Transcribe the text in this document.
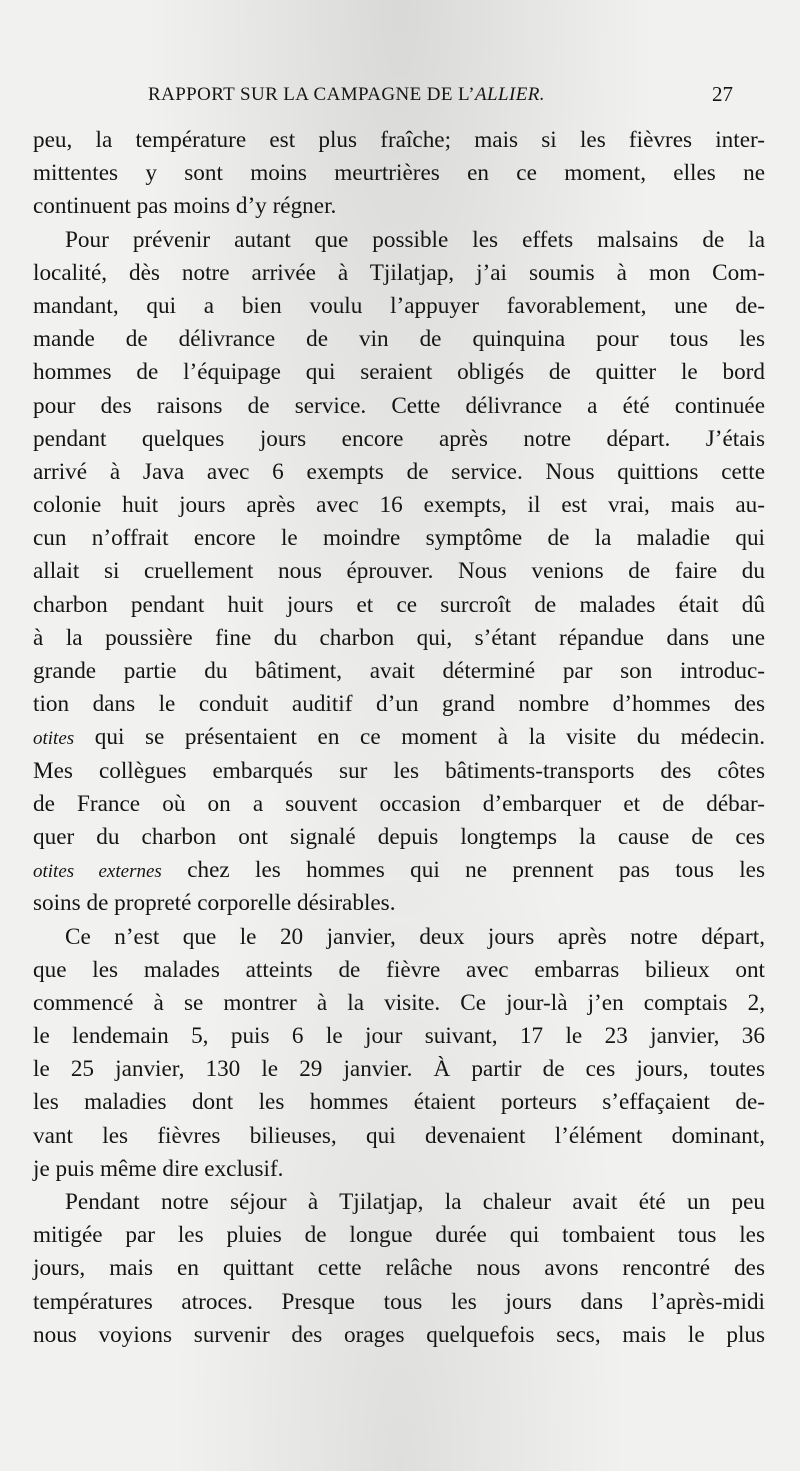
RAPPORT SUR LA CAMPAGNE DE L’ALLIER.	27
peu, la température est plus fraîche; mais si les fièvres inter-
mittentes y sont moins meurtrières en ce moment, elles ne
continuent pas moins d’y régner.
Pour prévenir autant que possible les effets malsains de la
localité, dès notre arrivée à Tjilatjap, j’ai soumis à mon Com-
mandant, qui a bien voulu l’appuyer favorablement, une de-
mande de délivrance de vin de quinquina pour tous les
hommes de l’équipage qui seraient obligés de quitter le bord
pour des raisons de service. Cette délivrance a été continuée
pendant quelques jours encore après notre départ. J’étais
arrivé à Java avec 6 exempts de service. Nous quittions cette
colonie huit jours après avec 16 exempts, il est vrai, mais au-
cun n’offrait encore le moindre symptôme de la maladie qui
allait si cruellement nous éprouver. Nous venions de faire du
charbon pendant huit jours et ce surcroît de malades était dû
à la poussière fine du charbon qui, s’étant répandue dans une
grande partie du bâtiment, avait déterminé par son introduc-
tion dans le conduit auditif d’un grand nombre d’hommes des
otites qui se présentaient en ce moment à la visite du médecin.
Mes collègues embarqués sur les bâtiments-transports des côtes
de France où on a souvent occasion d’embarquer et de débar-
quer du charbon ont signalé depuis longtemps la cause de ces
otites externes chez les hommes qui ne prennent pas tous les
soins de propreté corporelle désirables.
Ce n’est que le 20 janvier, deux jours après notre départ,
que les malades atteints de fièvre avec embarras bilieux ont
commencé à se montrer à la visite. Ce jour-là j’en comptais 2,
le lendemain 5, puis 6 le jour suivant, 17 le 23 janvier, 36
le 25 janvier, 130 le 29 janvier. À partir de ces jours, toutes
les maladies dont les hommes étaient porteurs s’effaçaient de-
vant les fièvres bilieuses, qui devenaient l’élément dominant,
je puis même dire exclusif.
Pendant notre séjour à Tjilatjap, la chaleur avait été un peu
mitigée par les pluies de longue durée qui tombaient tous les
jours, mais en quittant cette relâche nous avons rencontré des
températures atroces. Presque tous les jours dans l’après-midi
nous voyions survenir des orages quelquefois secs, mais le plus
